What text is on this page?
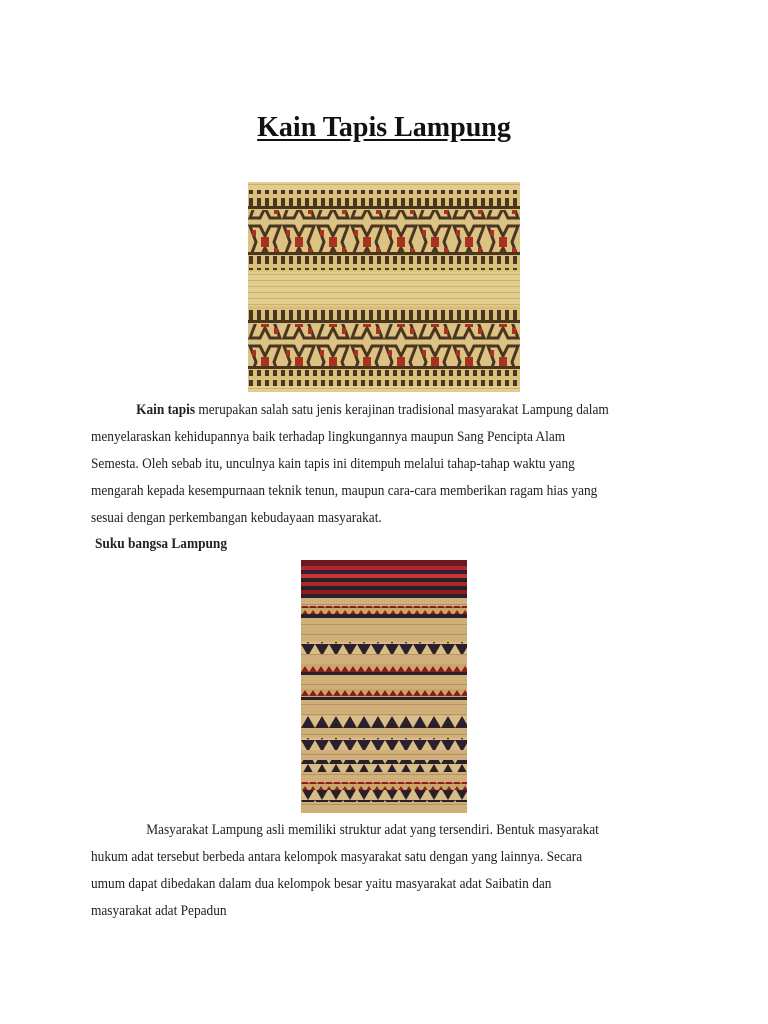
Kain Tapis Lampung
Kain tapis merupakan salah satu jenis kerajinan tradisional masyarakat Lampung dalam
menyelaraskan kehidupannya baik terhadap lingkungannya maupun Sang Pencipta Alam
Semesta. Oleh sebab itu, unculnya kain tapis ini ditempuh melalui tahap-tahap waktu yang
mengarah kepada kesempurnaan teknik tenun, maupun cara-cara memberikan ragam hias yang
sesuai dengan perkembangan kebudayaan masyarakat.
Suku bangsa Lampung
Masyarakat Lampung asli memiliki struktur adat yang tersendiri. Bentuk masyarakat
hukum adat tersebut berbeda antara kelompok masyarakat satu dengan yang lainnya. Secara
umum dapat dibedakan dalam dua kelompok besar yaitu masyarakat adat Saibatin dan
masyarakat adat Pepadun
